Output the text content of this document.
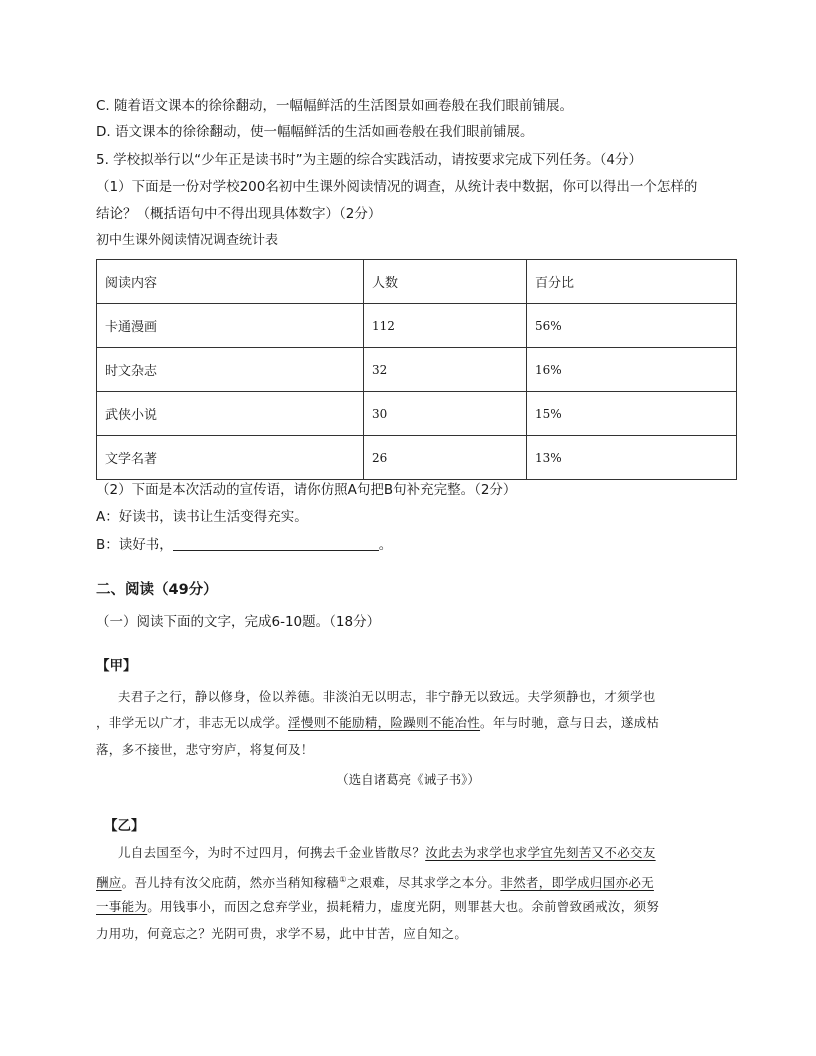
C. 随着语文课本的徐徐翻动，一幅幅鲜活的生活图景如画卷般在我们眼前铺展。
D. 语文课本的徐徐翻动，使一幅幅鲜活的生活如画卷般在我们眼前铺展。
5. 学校拟举行以“少年正是读书时”为主题的综合实践活动，请按要求完成下列任务。（4分）
（1）下面是一份对学校200名初中生课外阅读情况的调查，从统计表中数据，你可以得出一个怎样的
结论？（概括语句中不得出现具体数字）（2分）
初中生课外阅读情况调查统计表
阅读内容	人数	百分比
卡通漫画	112	56%
时文杂志	32	16%
武侠小说	30	15%
文学名著	26	13%
（2）下面是本次活动的宣传语，请你仿照A句把B句补充完整。（2分）
A：好读书，读书让生活变得充实。
B：读好书，	。
二、阅读（49分）
（一）阅读下面的文字，完成6-10题。（18分）
【甲】
夫君子之行，静以修身，俭以养德。非淡泊无以明志，非宁静无以致远。夫学须静也，才须学也
，非学无以广才，非志无以成学。淫慢则不能励精，险躁则不能冶性。年与时驰，意与日去，遂成枯
落，多不接世，悲守穷庐，将复何及！
（选自诸葛亮《诫子书》）
【乙】
儿自去国至今，为时不过四月，何携去千金业皆散尽？汝此去为求学也求学宜先刻苦又不必交友
酬应。吾儿持有汝父庇荫，然亦当稍知稼穑①之艰难，尽其求学之本分。非然者，即学成归国亦必无
一事能为。用钱事小，而因之怠弃学业，损耗精力，虚度光阴，则罪甚大也。余前曾致函戒汝，须努
力用功，何竟忘之？光阴可贵，求学不易，此中甘苦，应自知之。
